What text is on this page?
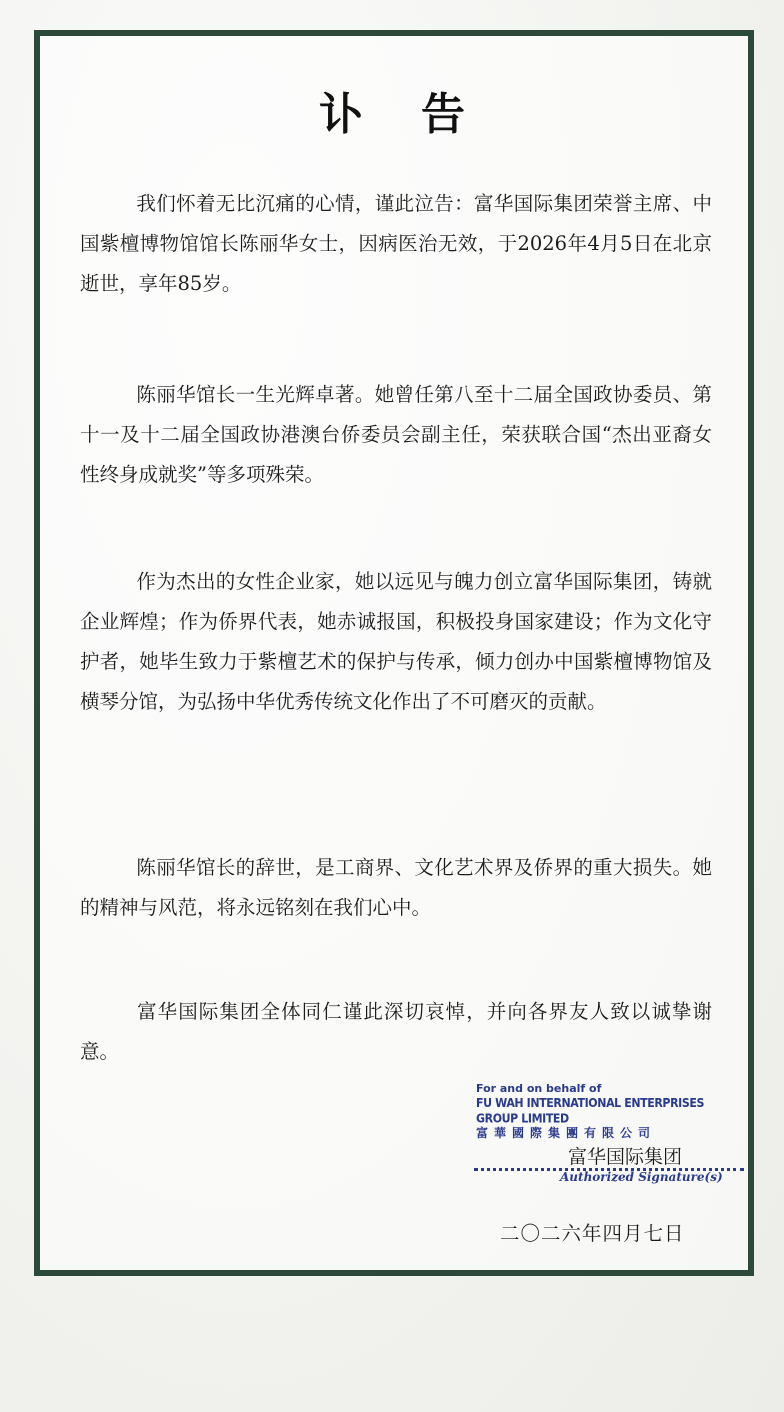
讣告

我们怀着无比沉痛的心情，谨此泣告：富华国际集团荣誉主席、中国紫檀博物馆馆长陈丽华女士，因病医治无效，于2026年4月5日在北京逝世，享年85岁。

陈丽华馆长一生光辉卓著。她曾任第八至十二届全国政协委员、第十一及十二届全国政协港澳台侨委员会副主任，荣获联合国“杰出亚裔女性终身成就奖”等多项殊荣。

作为杰出的女性企业家，她以远见与魄力创立富华国际集团，铸就企业辉煌；作为侨界代表，她赤诚报国，积极投身国家建设；作为文化守护者，她毕生致力于紫檀艺术的保护与传承，倾力创办中国紫檀博物馆及横琴分馆，为弘扬中华优秀传统文化作出了不可磨灭的贡献。

陈丽华馆长的辞世，是工商界、文化艺术界及侨界的重大损失。她的精神与风范，将永远铭刻在我们心中。

富华国际集团全体同仁谨此深切哀悼，并向各界友人致以诚挚谢意。

For and on behalf of
FU WAH INTERNATIONAL ENTERPRISES GROUP LIMITED
富華國際集團有限公司
富华国际集团
Authorized Signature(s)
二〇二六年四月七日
